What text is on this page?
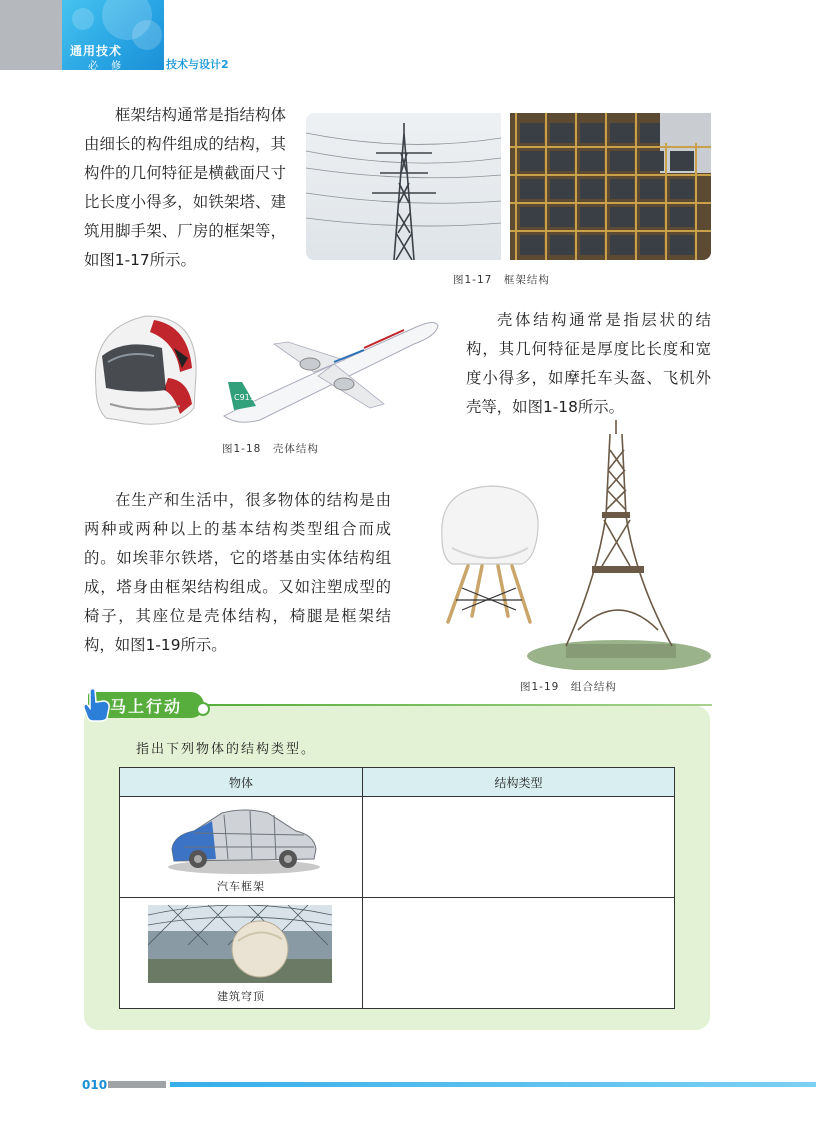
通用技术
必 修	技术与设计2

框架结构通常是指结构体由细长的构件组成的结构，其构件的几何特征是横截面尺寸比长度小得多，如铁架塔、建筑用脚手架、厂房的框架等，如图1-17所示。

图1-17　框架结构
C919
图1-18　壳体结构

壳体结构通常是指层状的结构，其几何特征是厚度比长度和宽度小得多，如摩托车头盔、飞机外壳等，如图1-18所示。

在生产和生活中，很多物体的结构是由两种或两种以上的基本结构类型组合而成的。如埃菲尔铁塔，它的塔基由实体结构组成，塔身由框架结构组成。又如注塑成型的椅子，其座位是壳体结构，椅腿是框架结构，如图1-19所示。

图1-19　组合结构
马上行动
指出下列物体的结构类型。
物体	结构类型

汽车框架	

建筑穹顶	

010
